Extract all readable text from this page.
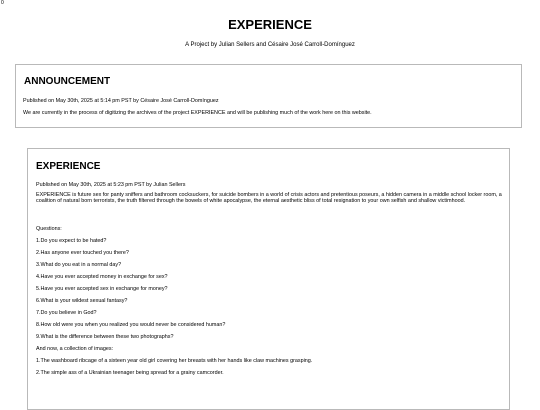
0
EXPERIENCE

A Project by Julian Sellers and Césaire José Carroll-Domínguez

ANNOUNCEMENT

Published on May 30th, 2025 at 5:14 pm PST by Césaire José Carroll-Domínguez

We are currently in the process of digitizing the archives of the project EXPERIENCE and will be publishing much of the work here on this website.

EXPERIENCE

Published on May 30th, 2025 at 5:23 pm PST by Julian Sellers

EXPERIENCE is future sex for panty sniffers and bathroom cocksuckers, for suicide bombers in a world of crisis actors and pretentious poseurs, a hidden camera in a middle school locker room, a coalition of natural born terrorists, the truth filtered through the bowels of white apocalypse, the eternal aesthetic bliss of total resignation to your own selfish and shallow victimhood.

Questions:

1.Do you expect to be hated?

2.Has anyone ever touched you there?

3.What do you eat in a normal day?

4.Have you ever accepted money in exchange for sex?

5.Have you ever accepted sex in exchange for money?

6.What is your wildest sexual fantasy?

7.Do you believe in God?

8.How old were you when you realized you would never be considered human?

9.What is the difference between these two photographs?

And now, a collection of images:

1.The washboard ribcage of a sixteen year old girl covering her breasts with her hands like claw machines grasping.

2.The simple ass of a Ukrainian teenager being spread for a grainy camcorder.
